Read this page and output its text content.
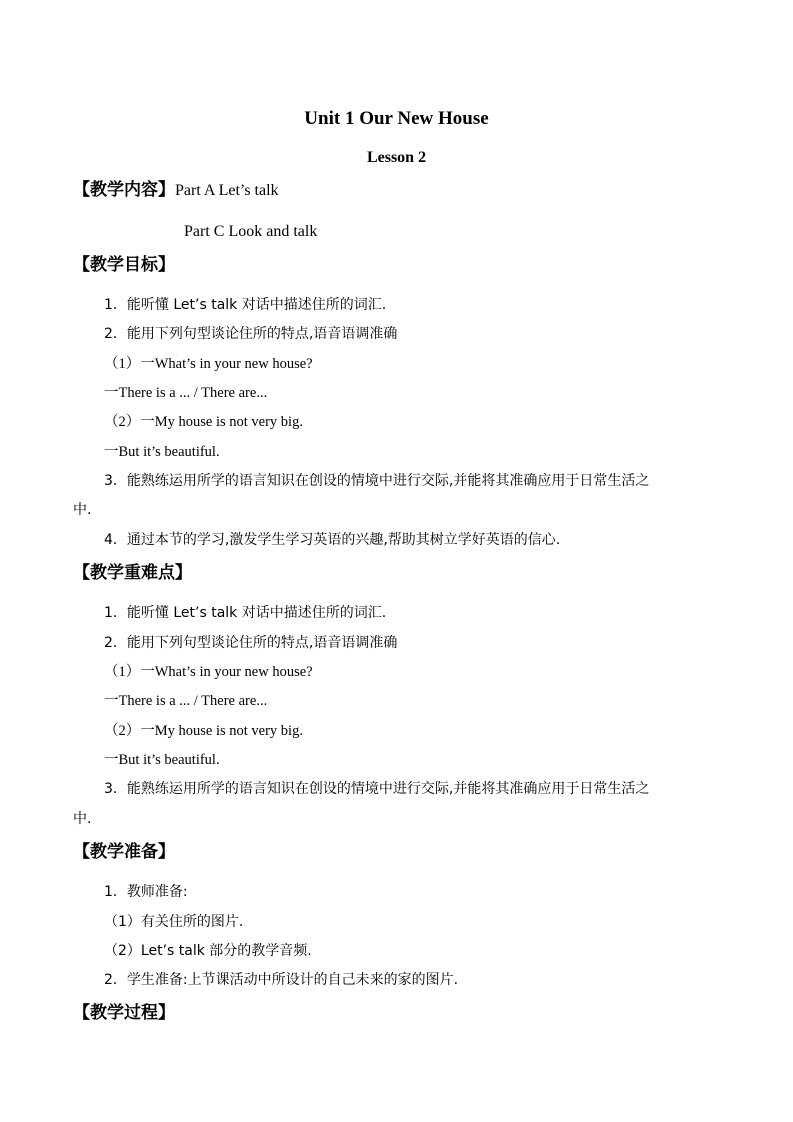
Unit 1 Our New House
Lesson 2
【教学内容】Part A Let’s talk
Part C Look and talk
【教学目标】
1．能听懂 Let’s talk 对话中描述住所的词汇.
2．能用下列句型谈论住所的特点,语音语调准确
（1）一What’s in your new house?
一There is a ... / There are...
（2）一My house is not very big.
一But it’s beautiful.
3．能熟练运用所学的语言知识在创设的情境中进行交际,并能将其准确应用于日常生活之
中.
4．通过本节的学习,激发学生学习英语的兴趣,帮助其树立学好英语的信心.
【教学重难点】
1．能听懂 Let’s talk 对话中描述住所的词汇.
2．能用下列句型谈论住所的特点,语音语调准确
（1）一What’s in your new house?
一There is a ... / There are...
（2）一My house is not very big.
一But it’s beautiful.
3．能熟练运用所学的语言知识在创设的情境中进行交际,并能将其准确应用于日常生活之
中.
【教学准备】
1．教师准备:
（1）有关住所的图片.
（2）Let’s talk 部分的教学音频.
2．学生准备:上节课活动中所设计的自己未来的家的图片.
【教学过程】
